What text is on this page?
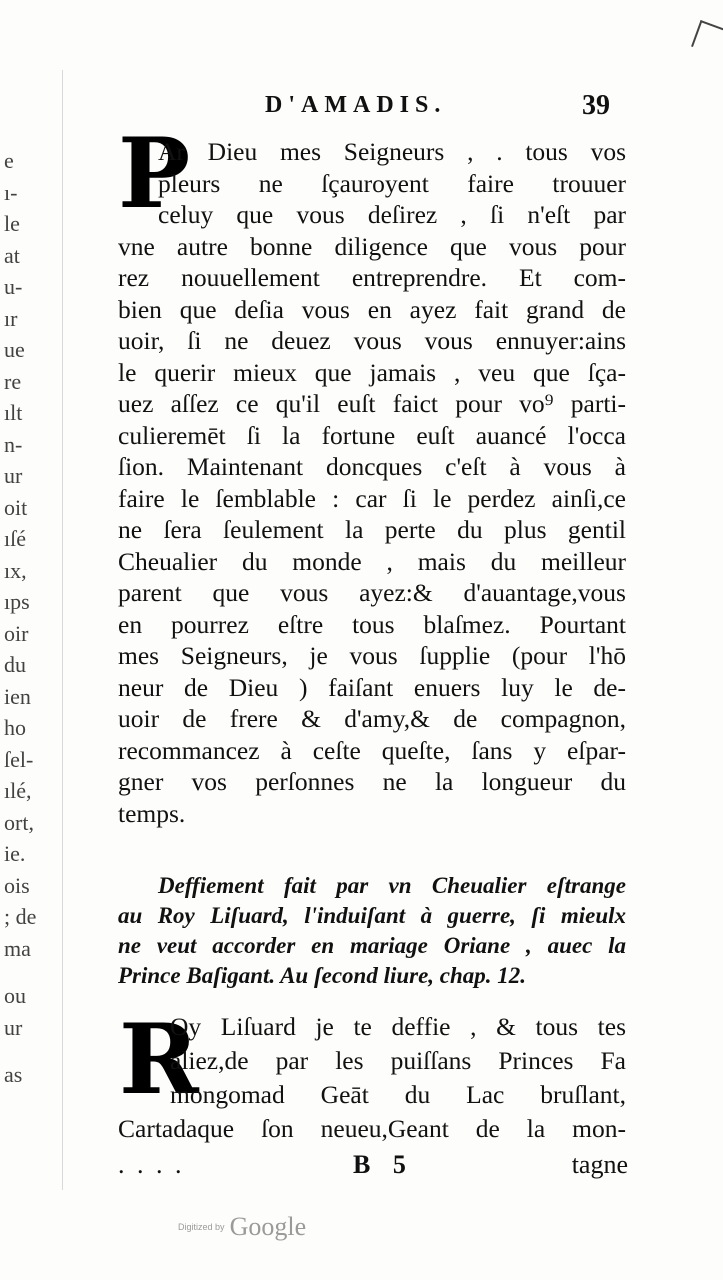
e
ı-
le
at
u-
ır
ue
re
ılt
n-
ur
oit
ıſé
ıx,
ıps
oir
du
ien
ho
ſel-
ılé,
ort,
ie.
ois
; de
ma
ou
ur
as
D'AMADIS.	39
P
Ar Dieu mes Seigneurs , . tous vos
pleurs ne ſçauroyent faire trouuer
celuy que vous deſirez , ſi n'eſt par
vne autre bonne diligence que vous pour
rez nouuellement entreprendre. Et com-
bien que deſia vous en ayez fait grand de
uoir, ſi ne deuez vous vous ennuyer:ains
le querir mieux que jamais , veu que ſça-
uez aſſez ce qu'il euſt faict pour vo⁹ parti-
culieremēt ſi la fortune euſt auancé l'occa
ſion. Maintenant doncques c'eſt à vous à
faire le ſemblable : car ſi le perdez ainſi,ce
ne ſera ſeulement la perte du plus gentil
Cheualier du monde , mais du meilleur
parent que vous ayez:& d'auantage,vous
en pourrez eſtre tous blaſmez. Pourtant
mes Seigneurs, je vous ſupplie (pour l'hō
neur de Dieu ) faiſant enuers luy le de-
uoir de frere & d'amy,& de compagnon,
recommancez à ceſte queſte, ſans y eſpar-
gner vos perſonnes ne la longueur du
temps.
Deffiement fait par vn Cheualier eſtrange
au Roy Liſuard, l'induiſant à guerre, ſi mieulx
ne veut accorder en mariage Oriane , auec la
Prince Baſigant. Au ſecond liure, chap. 12.
R
Oy Liſuard je te deffie , & tous tes
aliez,de par les puiſſans Princes Fa
mongomad Geāt du Lac bruſlant,
Cartadaque ſon neueu,Geant de la mon-
. . . .	B 5	tagne
Digitized by Google
